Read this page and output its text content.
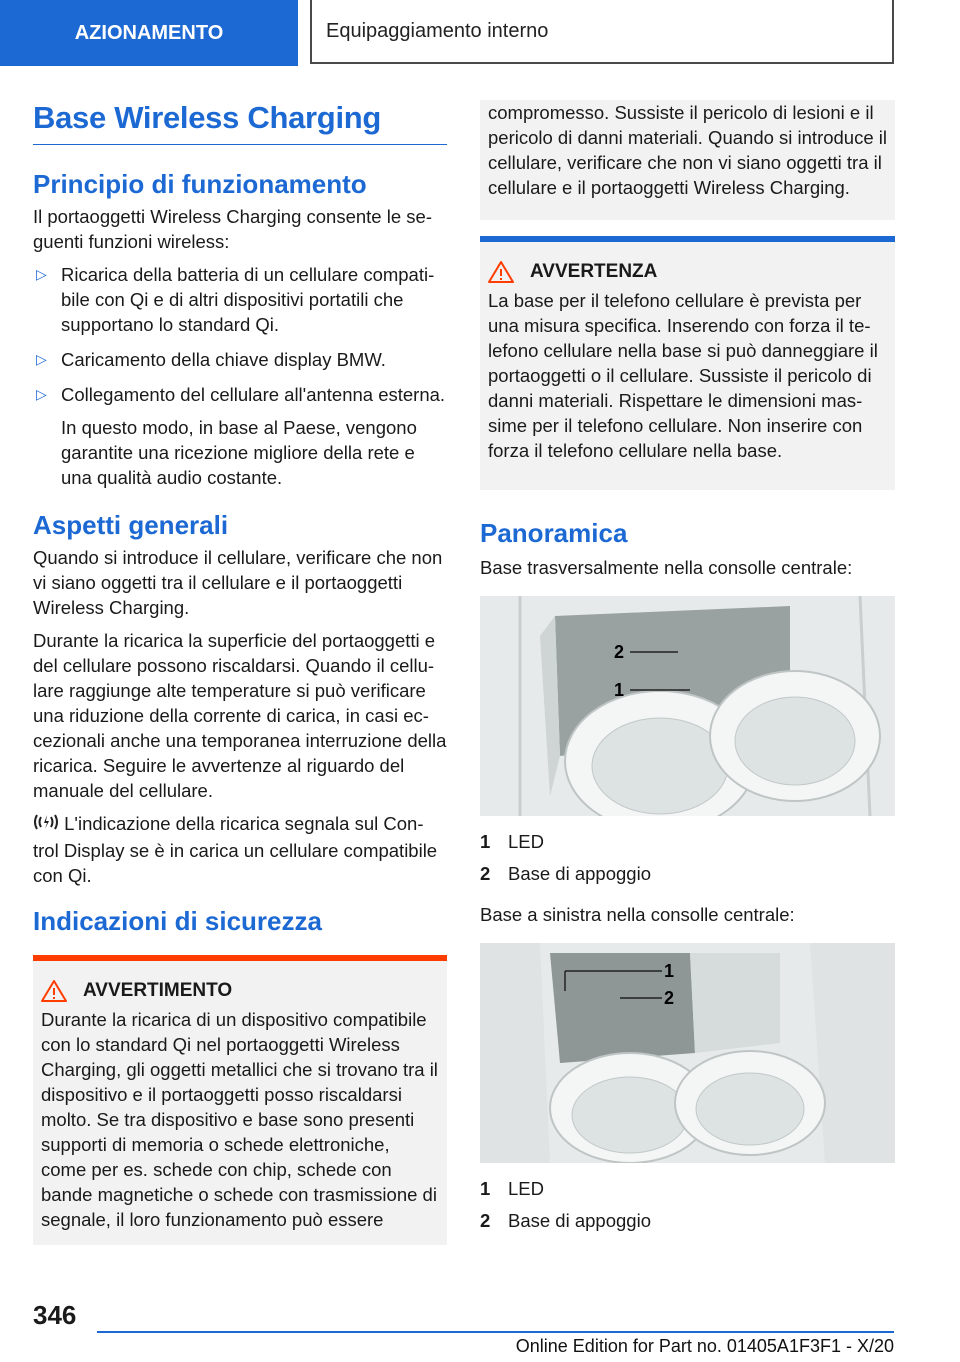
AZIONAMENTO	Equipaggiamento interno
Base Wireless Charging
Principio di funzionamento

Il portaoggetti Wireless Charging consente le se‐guenti funzioni wireless:

▷ Ricarica della batteria di un cellulare compati‐bile con Qi e di altri dispositivi portatili che supportano lo standard Qi.
▷ Caricamento della chiave display BMW.
▷ Collegamento del cellulare all'antenna esterna.
In questo modo, in base al Paese, vengono garantite una ricezione migliore della rete e una qualità audio costante.
Aspetti generali

Quando si introduce il cellulare, verificare che non vi siano oggetti tra il cellulare e il portaoggetti Wireless Charging.

Durante la ricarica la superficie del portaoggetti e del cellulare possono riscaldarsi. Quando il cellu‐lare raggiunge alte temperature si può verificare una riduzione della corrente di carica, in casi ec‐cezionali anche una temporanea interruzione della ricarica. Seguire le avvertenze al riguardo del manuale del cellulare.

L'indicazione della ricarica segnala sul Con‐trol Display se è in carica un cellulare compatibile con Qi.

Indicazioni di sicurezza
AVVERTIMENTO
Durante la ricarica di un dispositivo compatibile con lo standard Qi nel portaoggetti Wireless Charging, gli oggetti metallici che si trovano tra il dispositivo e il portaoggetti posso riscaldarsi molto. Se tra dispositivo e base sono presenti supporti di memoria o schede elettroniche, come per es. schede con chip, schede con bande magnetiche o schede con trasmissione di segnale, il loro funzionamento può essere
compromesso. Sussiste il pericolo di lesioni e il pericolo di danni materiali. Quando si introduce il cellulare, verificare che non vi siano oggetti tra il cellulare e il portaoggetti Wireless Charging.
AVVERTENZA
La base per il telefono cellulare è prevista per una misura specifica. Inserendo con forza il te‐lefono cellulare nella base si può danneggiare il portaoggetti o il cellulare. Sussiste il pericolo di danni materiali. Rispettare le dimensioni mas‐sime per il telefono cellulare. Non inserire con forza il telefono cellulare nella base.
Panoramica

Base trasversalmente nella consolle centrale:

2
1
1 LED
2 Base di appoggio

Base a sinistra nella consolle centrale:

1
2
1 LED
2 Base di appoggio
346
Online Edition for Part no. 01405A1F3F1 - X/20
